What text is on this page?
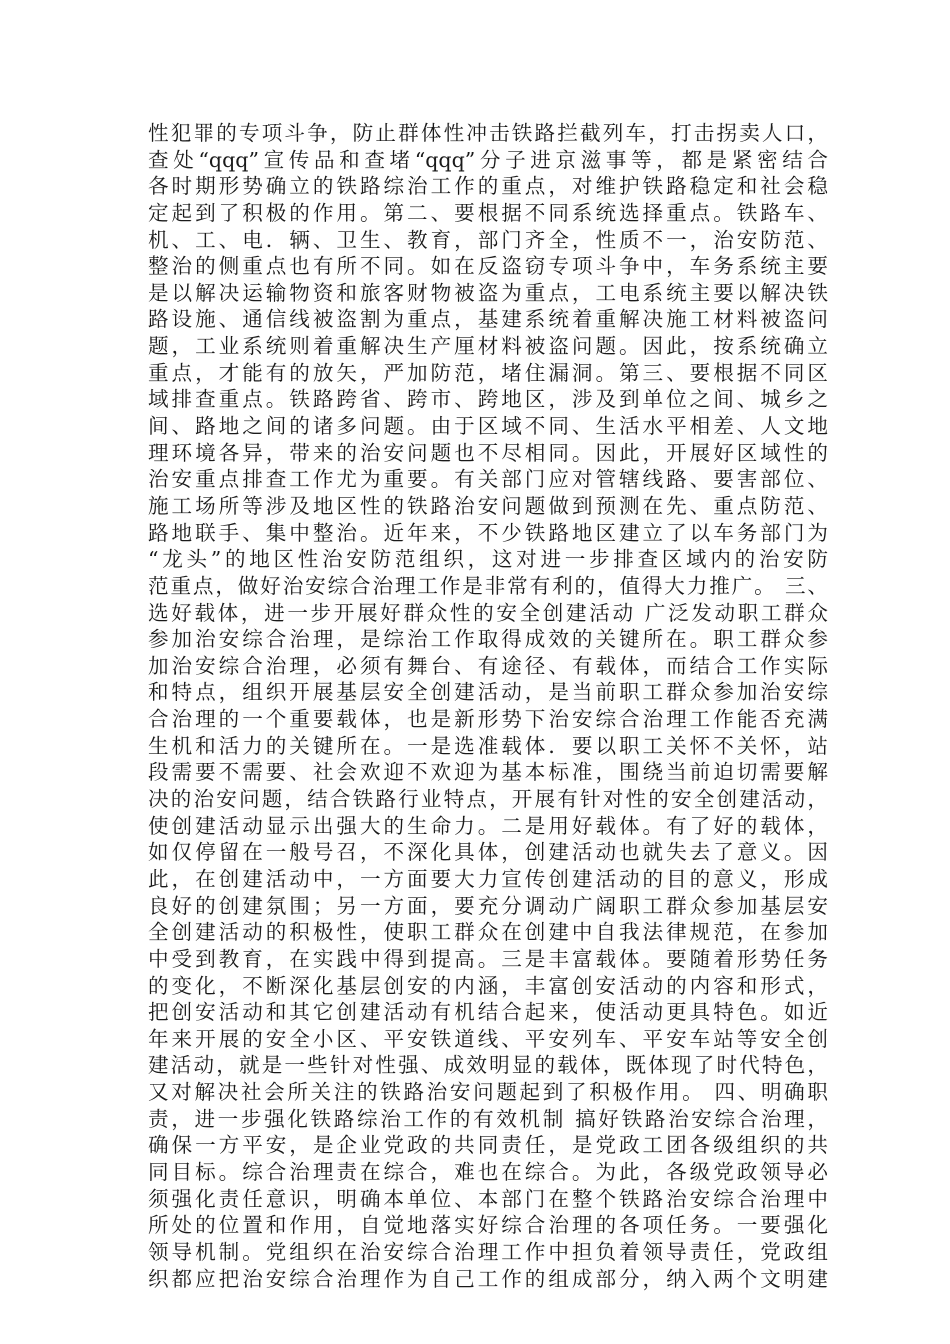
性犯罪的专项斗争，防止群体性冲击铁路拦截列车，打击拐卖人口，
查处“qqq”宣传品和查堵“qqq”分子进京滋事等，都是紧密结合
各时期形势确立的铁路综治工作的重点，对维护铁路稳定和社会稳
定起到了积极的作用。第二、要根据不同系统选择重点。铁路车、
机、工、电．辆、卫生、教育，部门齐全，性质不一，治安防范、
整治的侧重点也有所不同。如在反盗窃专项斗争中，车务系统主要
是以解决运输物资和旅客财物被盗为重点，工电系统主要以解决铁
路设施、通信线被盗割为重点，基建系统着重解决施工材料被盗问
题，工业系统则着重解决生产厘材料被盗问题。因此，按系统确立
重点，才能有的放矢，严加防范，堵住漏洞。第三、要根据不同区
域排查重点。铁路跨省、跨市、跨地区，涉及到单位之间、城乡之
间、路地之间的诸多问题。由于区域不同、生活水平相差、人文地
理环境各异，带来的治安问题也不尽相同。因此，开展好区域性的
治安重点排查工作尤为重要。有关部门应对管辖线路、要害部位、
施工场所等涉及地区性的铁路治安问题做到预测在先、重点防范、
路地联手、集中整治。近年来，不少铁路地区建立了以车务部门为
“龙头”的地区性治安防范组织，这对进一步排查区域内的治安防
范重点，做好治安综合治理工作是非常有利的，值得大力推广。 三、
选好载体，进一步开展好群众性的安全创建活动 广泛发动职工群众
参加治安综合治理，是综治工作取得成效的关键所在。职工群众参
加治安综合治理，必须有舞台、有途径、有载体，而结合工作实际
和特点，组织开展基层安全创建活动，是当前职工群众参加治安综
合治理的一个重要载体，也是新形势下治安综合治理工作能否充满
生机和活力的关键所在。一是选准载体．要以职工关怀不关怀，站
段需要不需要、社会欢迎不欢迎为基本标准，围绕当前迫切需要解
决的治安问题，结合铁路行业特点，开展有针对性的安全创建活动，
使创建活动显示出强大的生命力。二是用好载体。有了好的载体，
如仅停留在一般号召，不深化具体，创建活动也就失去了意义。因
此，在创建活动中，一方面要大力宣传创建活动的目的意义，形成
良好的创建氛围；另一方面，要充分调动广阔职工群众参加基层安
全创建活动的积极性，使职工群众在创建中自我法律规范，在参加
中受到教育，在实践中得到提高。三是丰富载体。要随着形势任务
的变化，不断深化基层创安的内涵，丰富创安活动的内容和形式，
把创安活动和其它创建活动有机结合起来，使活动更具特色。如近
年来开展的安全小区、平安铁道线、平安列车、平安车站等安全创
建活动，就是一些针对性强、成效明显的载体，既体现了时代特色，
又对解决社会所关注的铁路治安问题起到了积极作用。 四、明确职
责，进一步强化铁路综治工作的有效机制 搞好铁路治安综合治理，
确保一方平安，是企业党政的共同责任，是党政工团各级组织的共
同目标。综合治理责在综合，难也在综合。为此，各级党政领导必
须强化责任意识，明确本单位、本部门在整个铁路治安综合治理中
所处的位置和作用，自觉地落实好综合治理的各项任务。一要强化
领导机制。党组织在治安综合治理工作中担负着领导责任，党政组
织都应把治安综合治理作为自己工作的组成部分，纳入两个文明建
